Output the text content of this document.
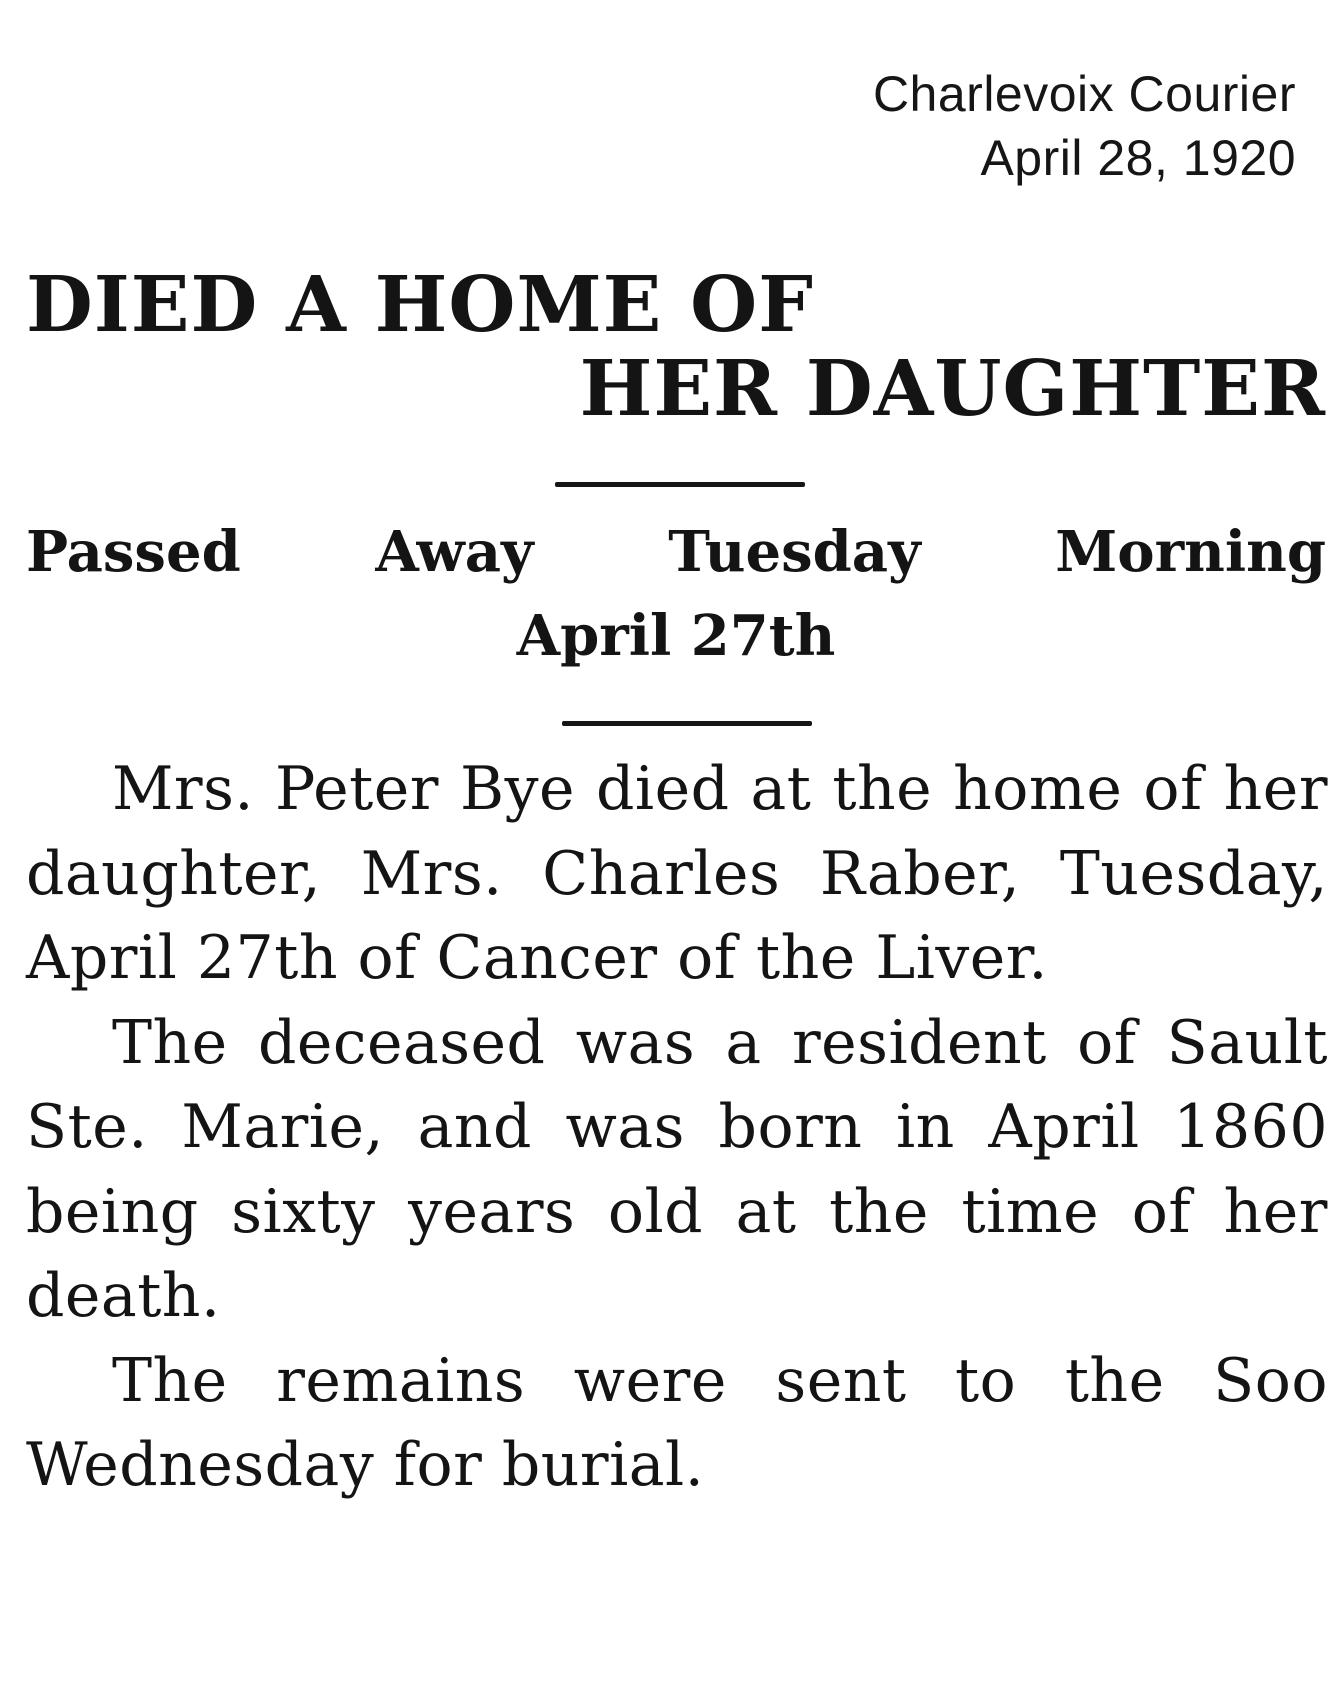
Charlevoix Courier
April 28, 1920
DIED A HOME OF
HER DAUGHTER
Passed Away Tuesday Morning
April 27th

Mrs. Peter Bye died at the home of her daughter, Mrs. Charles Raber, Tuesday, April 27th of Cancer of the Liver.

The deceased was a resident of Sault Ste. Marie, and was born in April 1860 being sixty years old at the time of her death.

The remains were sent to the Soo Wednesday for burial.
